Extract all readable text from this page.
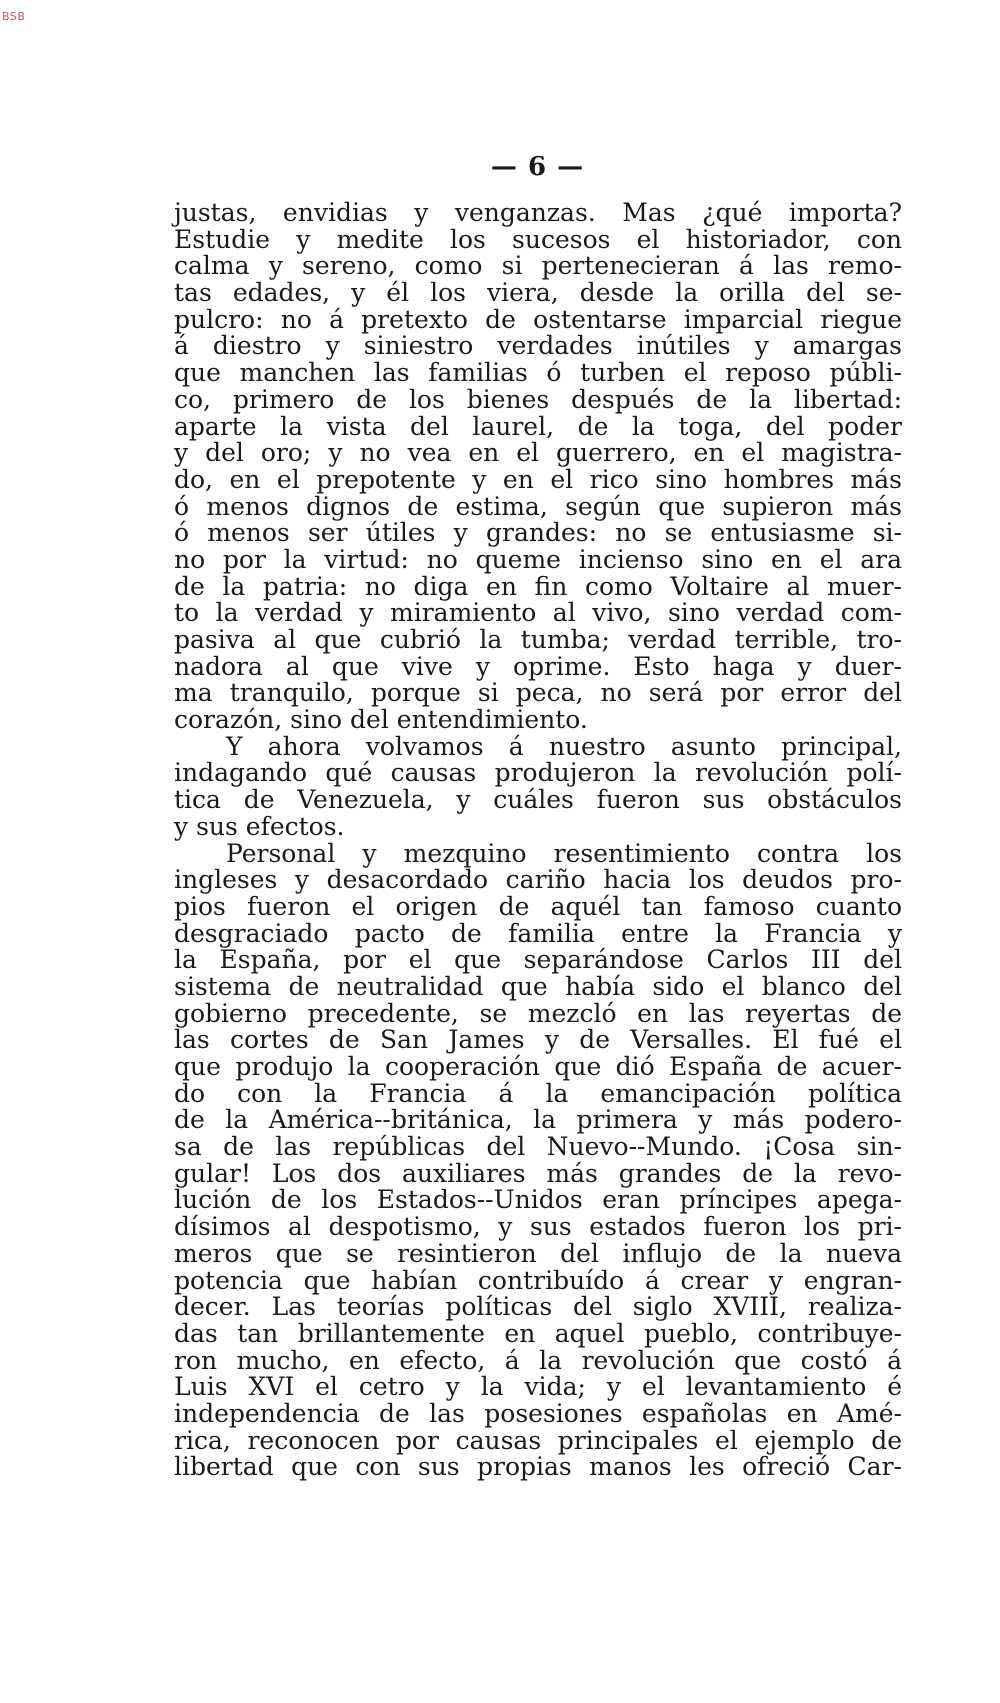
BSB
— 6 —
justas, envidias y venganzas. Mas ¿qué importa?
Estudie y medite los sucesos el historiador, con
calma y sereno, como si pertenecieran á las remo-
tas edades, y él los viera, desde la orilla del se-
pulcro: no á pretexto de ostentarse imparcial riegue
á diestro y siniestro verdades inútiles y amargas
que manchen las familias ó turben el reposo públi-
co, primero de los bienes después de la libertad:
aparte la vista del laurel, de la toga, del poder
y del oro; y no vea en el guerrero, en el magistra-
do, en el prepotente y en el rico sino hombres más
ó menos dignos de estima, según que supieron más
ó menos ser útiles y grandes: no se entusiasme si-
no por la virtud: no queme incienso sino en el ara
de la patria: no diga en fin como Voltaire al muer-
to la verdad y miramiento al vivo, sino verdad com-
pasiva al que cubrió la tumba; verdad terrible, tro-
nadora al que vive y oprime. Esto haga y duer-
ma tranquilo, porque si peca, no será por error del
corazón, sino del entendimiento.
Y ahora volvamos á nuestro asunto principal,
indagando qué causas produjeron la revolución polí-
tica de Venezuela, y cuáles fueron sus obstáculos
y sus efectos.
Personal y mezquino resentimiento contra los
ingleses y desacordado cariño hacia los deudos pro-
pios fueron el origen de aquél tan famoso cuanto
desgraciado pacto de familia entre la Francia y
la España, por el que separándose Carlos III del
sistema de neutralidad que había sido el blanco del
gobierno precedente, se mezcló en las reyertas de
las cortes de San James y de Versalles. El fué el
que produjo la cooperación que dió España de acuer-
do con la Francia á la emancipación política
de la América--británica, la primera y más podero-
sa de las repúblicas del Nuevo--Mundo. ¡Cosa sin-
gular! Los dos auxiliares más grandes de la revo-
lución de los Estados--Unidos eran príncipes apega-
dísimos al despotismo, y sus estados fueron los pri-
meros que se resintieron del influjo de la nueva
potencia que habían contribuído á crear y engran-
decer. Las teorías políticas del siglo XVIII, realiza-
das tan brillantemente en aquel pueblo, contribuye-
ron mucho, en efecto, á la revolución que costó á
Luis XVI el cetro y la vida; y el levantamiento é
independencia de las posesiones españolas en Amé-
rica, reconocen por causas principales el ejemplo de
libertad que con sus propias manos les ofreció Car-
